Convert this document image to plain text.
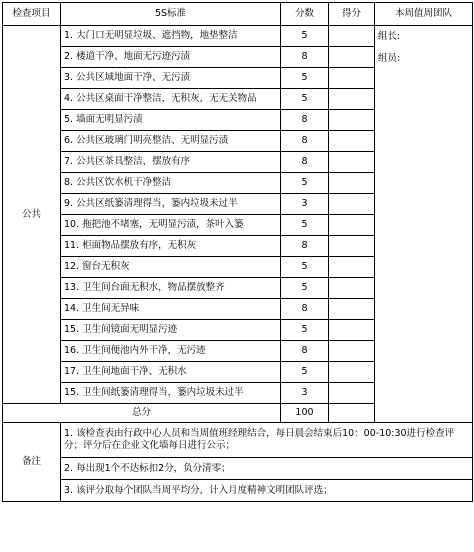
检查项目	5S标准	分数	得分	本周值周团队
公共	1. 大门口无明显垃圾、遮挡物，地垫整洁	5		组长:
组员:

	2. 楼道干净、地面无污迹污渍	8		
	3. 公共区域地面干净、无污渍	5		
	4. 公共区桌面干净整洁，无积灰，无无关物品	5		
	5. 墙面无明显污渍	8		
	6. 公共区玻璃门明亮整洁、无明显污渍	8		
	7. 公共区茶具整洁，摆放有序	8		
	8. 公共区饮水机干净整洁	5		
	9. 公共区纸篓清理得当，篓内垃圾未过半	3		
	10. 拖把池不堵塞，无明显污渍，茶叶入篓	5		
	11. 柜面物品摆放有序，无积灰	8		
	12. 窗台无积灰	5		
	13. 卫生间台面无积水，物品摆放整齐	5		
	14. 卫生间无异味	8		
	15. 卫生间镜面无明显污迹	5		
	16. 卫生间便池内外干净，无污迹	8		
	17. 卫生间地面干净、无积水	5		
	15. 卫生间纸篓清理得当，篓内垃圾未过半	3		
总分		100		
备注	1. 该检查表由行政中心人员和当周值班经理结合，每日晨会结束后10：00-10:30进行检查评分；评分后在企业文化墙每日进行公示；			
	2. 每出现1个不达标扣2分，负分清零；			
	3. 该评分取每个团队当周平均分，计入月度精神文明团队评选；			
